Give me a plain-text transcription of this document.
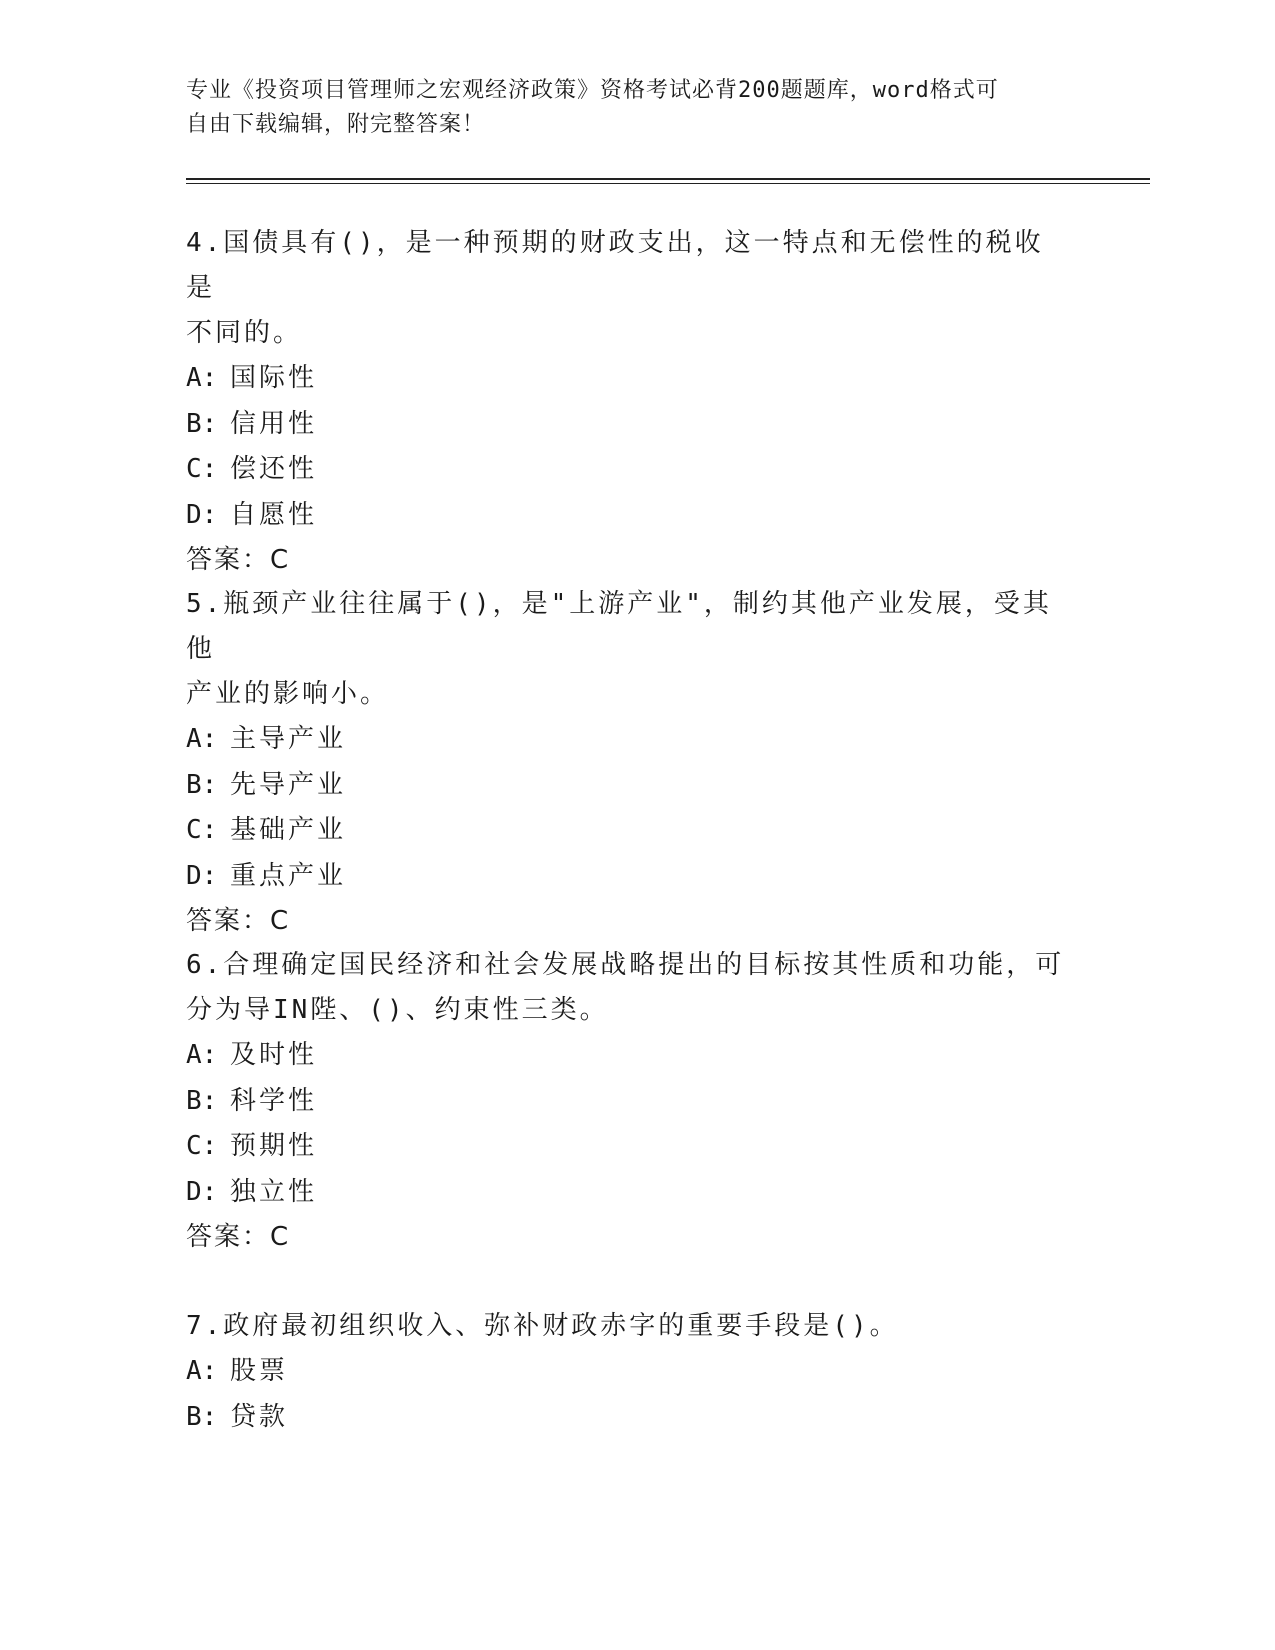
专业《投资项目管理师之宏观经济政策》资格考试必背200题题库，word格式可
自由下载编辑，附完整答案！
4.国债具有()，是一种预期的财政支出，这一特点和无偿性的税收是
不同的。
A: 国际性
B: 信用性
C: 偿还性
D: 自愿性
答案：C
5.瓶颈产业往往属于()，是"上游产业"，制约其他产业发展，受其他
产业的影响小。
A: 主导产业
B: 先导产业
C: 基础产业
D: 重点产业
答案：C
6.合理确定国民经济和社会发展战略提出的目标按其性质和功能，可
分为导IN陛、()、约束性三类。
A: 及时性
B: 科学性
C: 预期性
D: 独立性
答案：C
7.政府最初组织收入、弥补财政赤字的重要手段是()。
A: 股票
B: 贷款
